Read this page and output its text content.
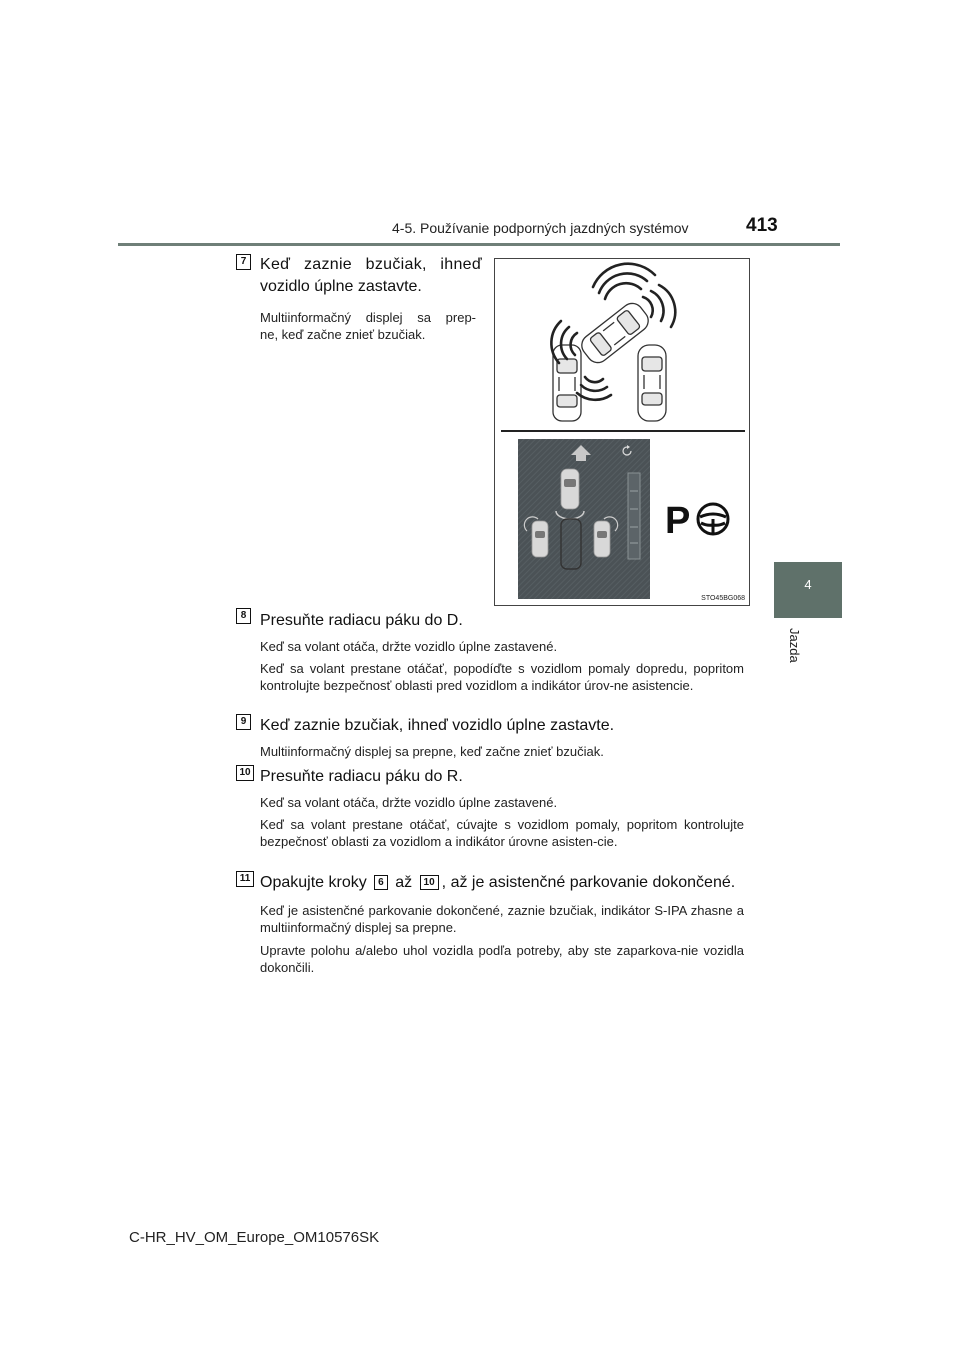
4-5. Používanie podporných jazdných systémov	413
4
Jazda
7 Keď zaznie bzučiak, ihneď
vozidlo úplne zastavte.
Multiinformačný displej sa prep-
ne, keď začne znieť bzučiak.
P
STO45BG068
8 Presuňte radiacu páku do D.
Keď sa volant otáča, držte vozidlo úplne zastavené.
Keď sa volant prestane otáčať, popodíďte s vozidlom pomaly dopredu, popritom kontrolujte bezpečnosť oblasti pred vozidlom a indikátor úrov-ne asistencie.
9 Keď zaznie bzučiak, ihneď vozidlo úplne zastavte.
Multiinformačný displej sa prepne, keď začne znieť bzučiak.
10 Presuňte radiacu páku do R.
Keď sa volant otáča, držte vozidlo úplne zastavené.
Keď sa volant prestane otáčať, cúvajte s vozidlom pomaly, popritom kontrolujte bezpečnosť oblasti za vozidlom a indikátor úrovne asisten-cie.
11 Opakujte kroky 6 až 10 , až je asistenčné parkovanie dokončené.
Keď je asistenčné parkovanie dokončené, zaznie bzučiak, indikátor S-IPA zhasne a multiinformačný displej sa prepne.
Upravte polohu a/alebo uhol vozidla podľa potreby, aby ste zaparkova-nie vozidla dokončili.
C-HR_HV_OM_Europe_OM10576SK
